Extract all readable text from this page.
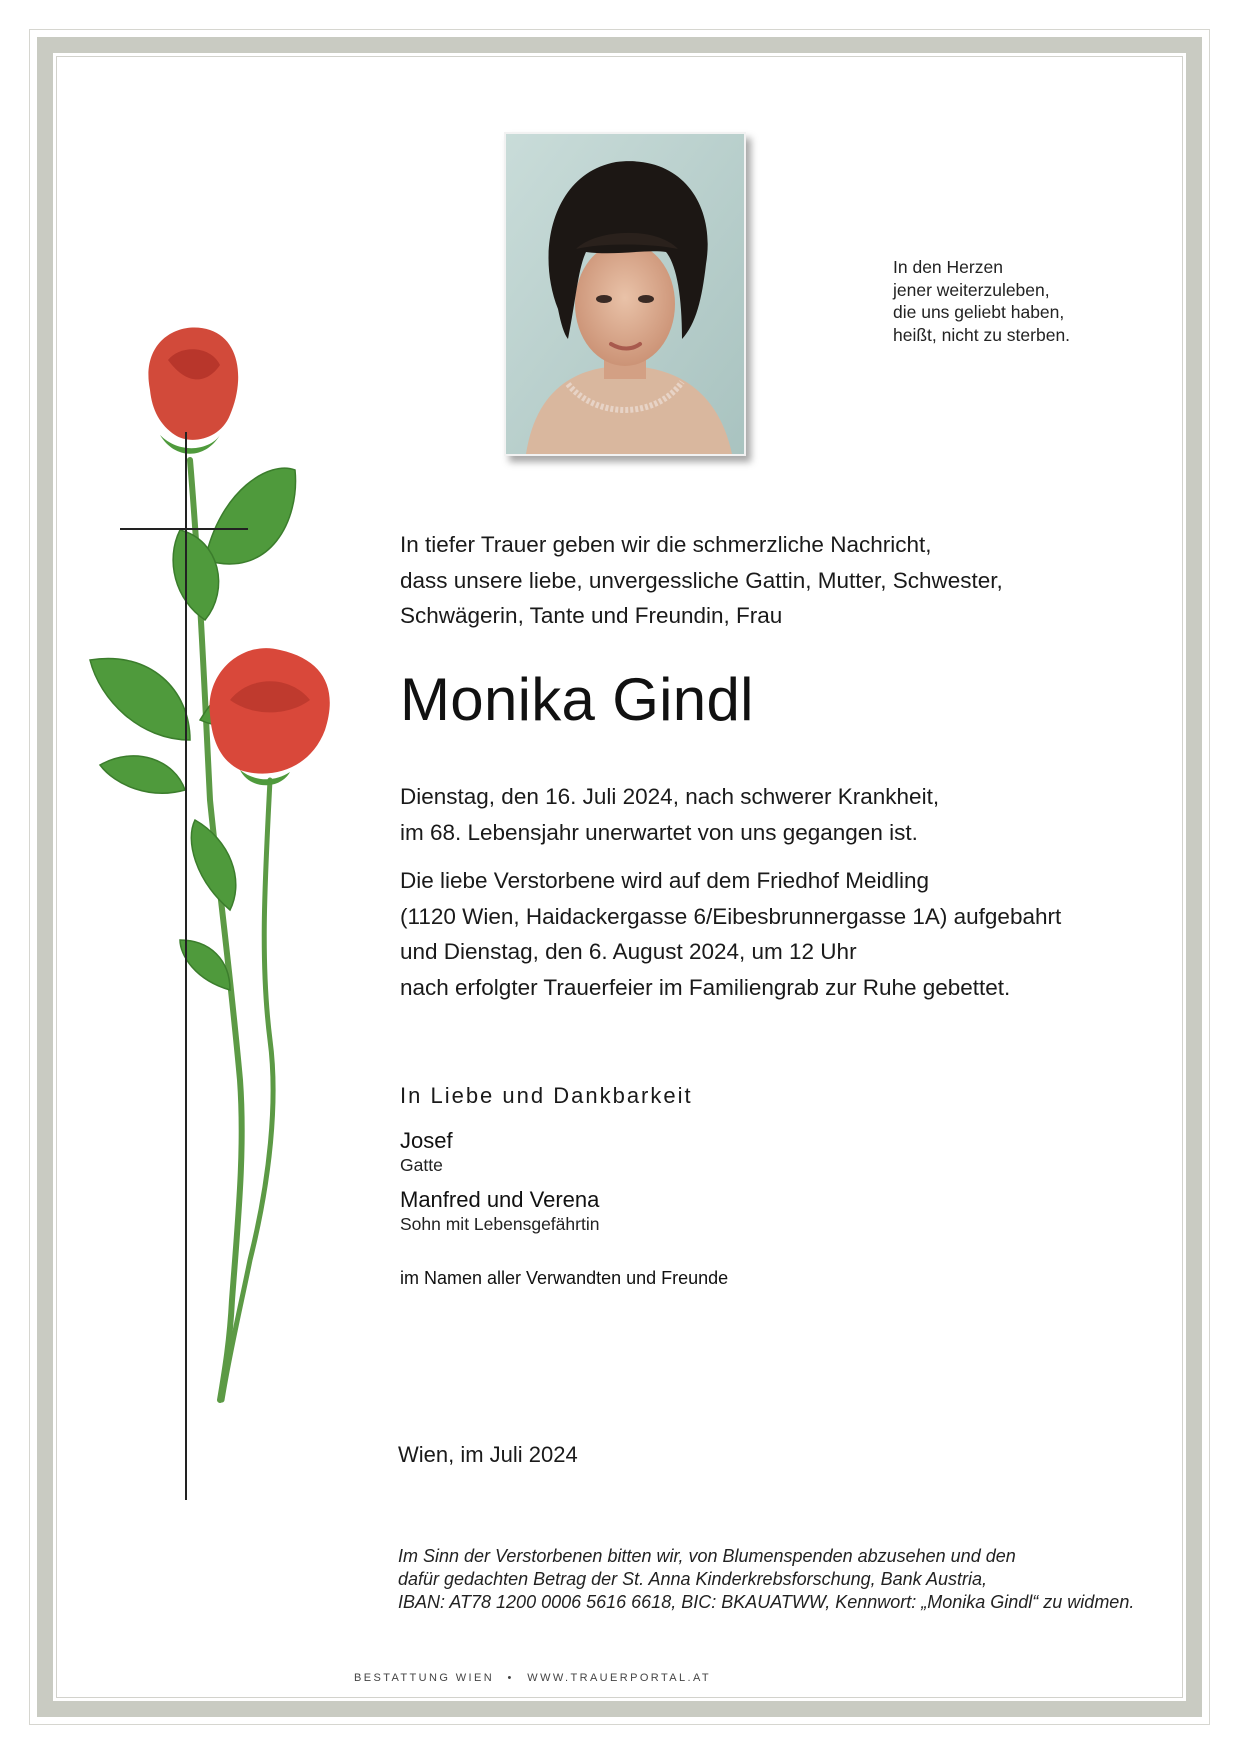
In den Herzen
jener weiterzuleben,
die uns geliebt haben,
heißt, nicht zu sterben.
In tiefer Trauer geben wir die schmerzliche Nachricht,
dass unsere liebe, unvergessliche Gattin, Mutter, Schwester,
Schwägerin, Tante und Freundin, Frau
Monika Gindl
Dienstag, den 16. Juli 2024, nach schwerer Krankheit,
im 68. Lebensjahr unerwartet von uns gegangen ist.
Die liebe Verstorbene wird auf dem Friedhof Meidling
(1120 Wien, Haidackergasse 6/Eibesbrunnergasse 1A) aufgebahrt
und Dienstag, den 6. August 2024, um 12 Uhr
nach erfolgter Trauerfeier im Familiengrab zur Ruhe gebettet.
In Liebe und Dankbarkeit
Josef
Gatte
Manfred und Verena
Sohn mit Lebensgefährtin
im Namen aller Verwandten und Freunde
Wien, im Juli 2024
Im Sinn der Verstorbenen bitten wir, von Blumenspenden abzusehen und den
dafür gedachten Betrag der St. Anna Kinderkrebsforschung, Bank Austria,
IBAN: AT78 1200 0006 5616 6618, BIC: BKAUATWW, Kennwort: „Monika Gindl“ zu widmen.
BESTATTUNG WIEN • WWW.TRAUERPORTAL.AT
